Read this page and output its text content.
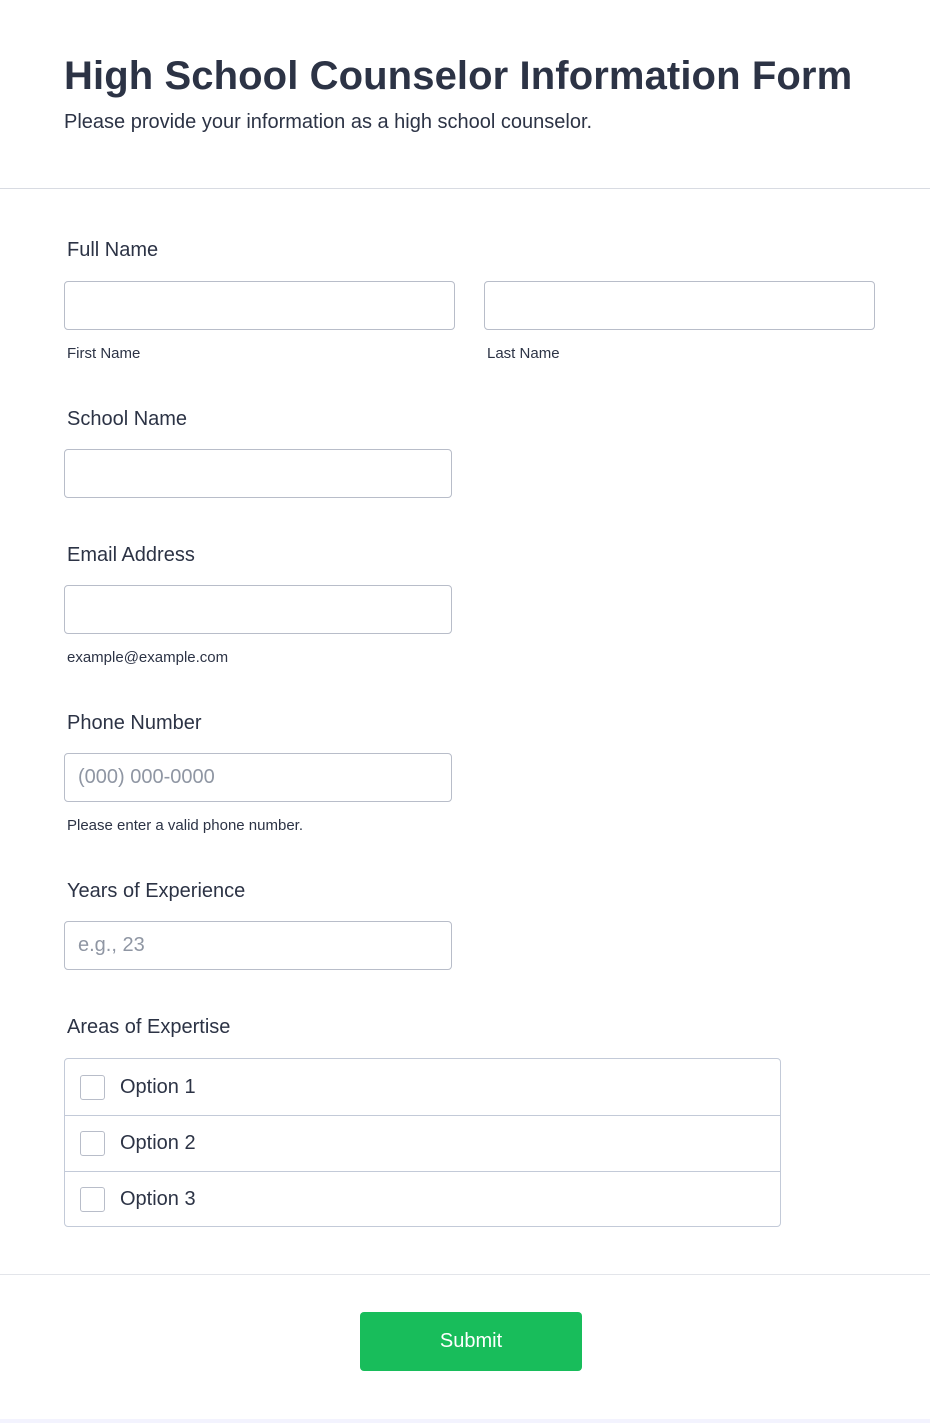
High School Counselor Information Form
Please provide your information as a high school counselor.
Full Name
First Name	Last Name
School Name
Email Address
example@example.com
Phone Number
(000) 000-0000
Please enter a valid phone number.
Years of Experience
e.g., 23
Areas of Expertise
Option 1
Option 2
Option 3
Submit
